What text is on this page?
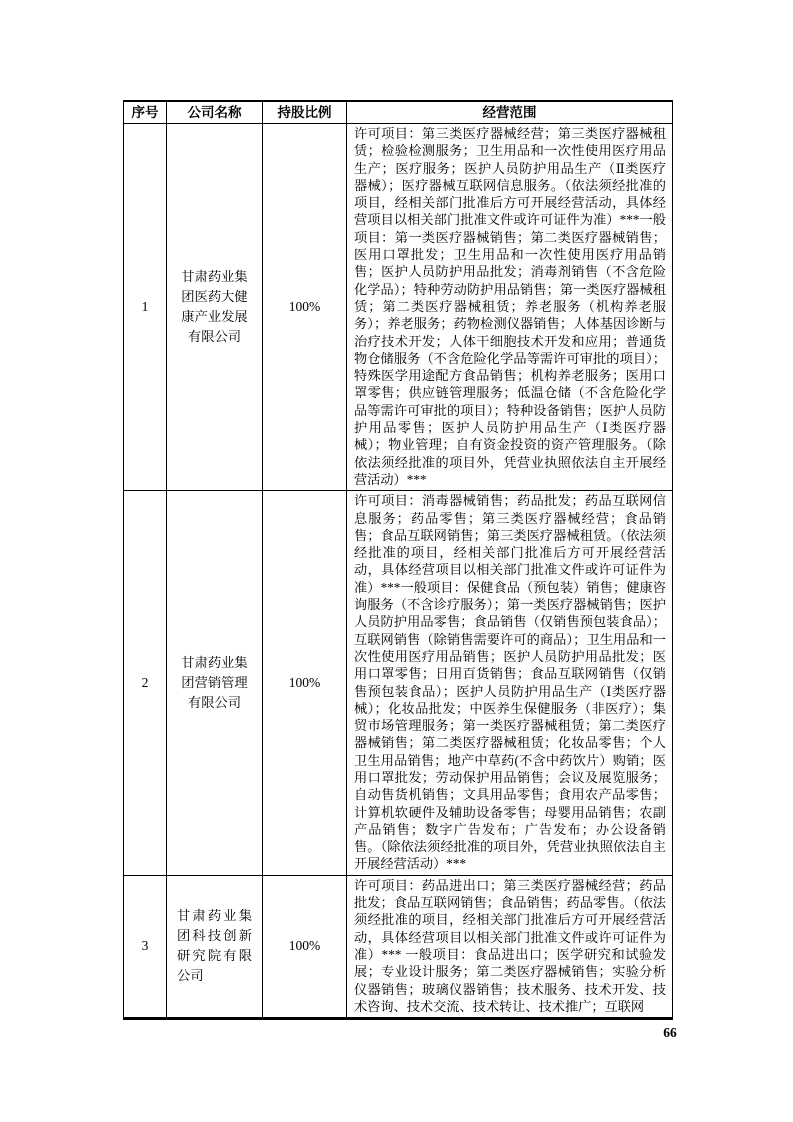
序号	公司名称	持股比例	经营范围
1	甘肃药业集团医药大健康产业发展有限公司	100%	许可项目：第三类医疗器械经营；第三类医疗器械租赁；检验检测服务；卫生用品和一次性使用医疗用品生产；医疗服务；医护人员防护用品生产（Ⅱ类医疗器械）；医疗器械互联网信息服务。（依法须经批准的项目，经相关部门批准后方可开展经营活动，具体经营项目以相关部门批准文件或许可证件为准）***一般项目：第一类医疗器械销售；第二类医疗器械销售；医用口罩批发；卫生用品和一次性使用医疗用品销售；医护人员防护用品批发；消毒剂销售（不含危险化学品）；特种劳动防护用品销售；第一类医疗器械租赁；第二类医疗器械租赁；养老服务（机构养老服务）；养老服务；药物检测仪器销售；人体基因诊断与治疗技术开发；人体干细胞技术开发和应用；普通货物仓储服务（不含危险化学品等需许可审批的项目）；特殊医学用途配方食品销售；机构养老服务；医用口罩零售；供应链管理服务；低温仓储（不含危险化学品等需许可审批的项目）；特种设备销售；医护人员防护用品零售；医护人员防护用品生产（Ⅰ类医疗器械）；物业管理；自有资金投资的资产管理服务。（除依法须经批准的项目外，凭营业执照依法自主开展经营活动）***
2	甘肃药业集团营销管理有限公司	100%	许可项目：消毒器械销售；药品批发；药品互联网信息服务；药品零售；第三类医疗器械经营；食品销售；食品互联网销售；第三类医疗器械租赁。（依法须经批准的项目，经相关部门批准后方可开展经营活动，具体经营项目以相关部门批准文件或许可证件为准）***一般项目：保健食品（预包装）销售；健康咨询服务（不含诊疗服务）；第一类医疗器械销售；医护人员防护用品零售；食品销售（仅销售预包装食品）；互联网销售（除销售需要许可的商品）；卫生用品和一次性使用医疗用品销售；医护人员防护用品批发；医用口罩零售；日用百货销售；食品互联网销售（仅销售预包装食品）；医护人员防护用品生产（Ⅰ类医疗器械）；化妆品批发；中医养生保健服务（非医疗）；集贸市场管理服务；第一类医疗器械租赁；第二类医疗器械销售；第二类医疗器械租赁；化妆品零售；个人卫生用品销售；地产中草药(不含中药饮片）购销；医用口罩批发；劳动保护用品销售；会议及展览服务；自动售货机销售；文具用品零售；食用农产品零售；计算机软硬件及辅助设备零售；母婴用品销售；农副产品销售；数字广告发布；广告发布；办公设备销售。（除依法须经批准的项目外，凭营业执照依法自主开展经营活动）***
3	甘肃药业集团科技创新研究院有限公司	100%	许可项目：药品进出口；第三类医疗器械经营；药品批发；食品互联网销售；食品销售；药品零售。（依法须经批准的项目，经相关部门批准后方可开展经营活动，具体经营项目以相关部门批准文件或许可证件为准）*** 一般项目：食品进出口；医学研究和试验发展；专业设计服务；第二类医疗器械销售；实验分析仪器销售；玻璃仪器销售；技术服务、技术开发、技术咨询、技术交流、技术转让、技术推广；互联网
66
